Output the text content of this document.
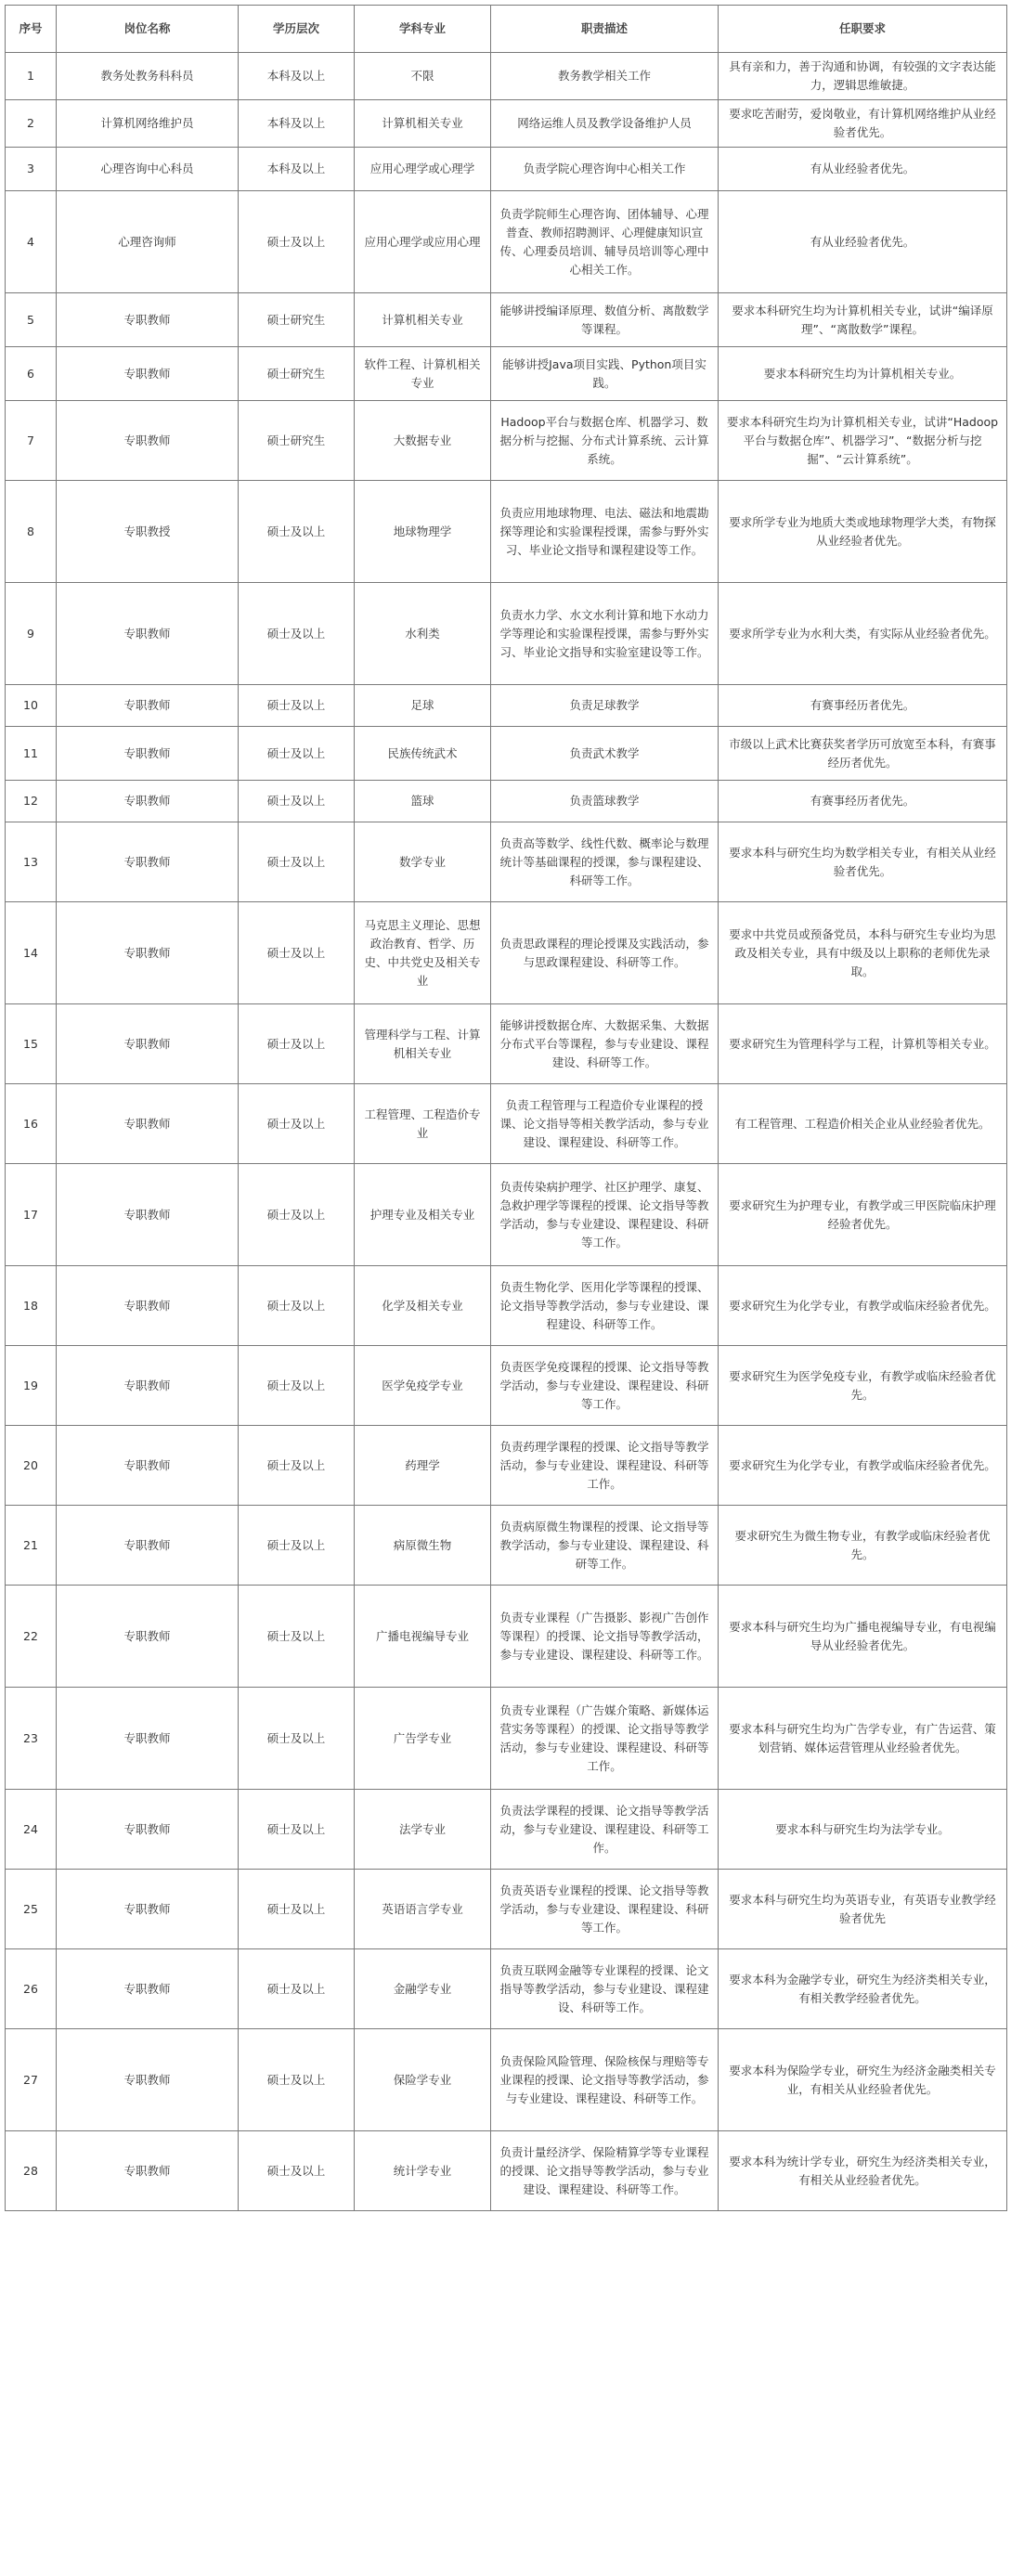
序号	岗位名称	学历层次	学科专业	职责描述	任职要求
1	教务处教务科科员	本科及以上	不限	教务教学相关工作	具有亲和力，善于沟通和协调，有较强的文字表达能力，逻辑思维敏捷。
2	计算机网络维护员	本科及以上	计算机相关专业	网络运维人员及教学设备维护人员	要求吃苦耐劳，爱岗敬业，有计算机网络维护从业经验者优先。
3	心理咨询中心科员	本科及以上	应用心理学或心理学	负责学院心理咨询中心相关工作	有从业经验者优先。
4	心理咨询师	硕士及以上	应用心理学或应用心理	负责学院师生心理咨询、团体辅导、心理普查、教师招聘测评、心理健康知识宣传、心理委员培训、辅导员培训等心理中心相关工作。	有从业经验者优先。
5	专职教师	硕士研究生	计算机相关专业	能够讲授编译原理、数值分析、离散数学等课程。	要求本科研究生均为计算机相关专业，试讲“编译原理”、“离散数学”课程。
6	专职教师	硕士研究生	软件工程、计算机相关专业	能够讲授Java项目实践、Python项目实践。	要求本科研究生均为计算机相关专业。
7	专职教师	硕士研究生	大数据专业	Hadoop平台与数据仓库、机器学习、数据分析与挖掘、分布式计算系统、云计算系统。	要求本科研究生均为计算机相关专业，试讲“Hadoop平台与数据仓库”、机器学习”、“数据分析与挖掘”、“云计算系统”。
8	专职教授	硕士及以上	地球物理学	负责应用地球物理、电法、磁法和地震勘探等理论和实验课程授课，需参与野外实习、毕业论文指导和课程建设等工作。	要求所学专业为地质大类或地球物理学大类，有物探从业经验者优先。
9	专职教师	硕士及以上	水利类	负责水力学、水文水利计算和地下水动力学等理论和实验课程授课，需参与野外实习、毕业论文指导和实验室建设等工作。	要求所学专业为水利大类，有实际从业经验者优先。
10	专职教师	硕士及以上	足球	负责足球教学	有赛事经历者优先。
11	专职教师	硕士及以上	民族传统武术	负责武术教学	市级以上武术比赛获奖者学历可放宽至本科，有赛事经历者优先。
12	专职教师	硕士及以上	篮球	负责篮球教学	有赛事经历者优先。
13	专职教师	硕士及以上	数学专业	负责高等数学、线性代数、概率论与数理统计等基础课程的授课，参与课程建设、科研等工作。	要求本科与研究生均为数学相关专业，有相关从业经验者优先。
14	专职教师	硕士及以上	马克思主义理论、思想政治教育、哲学、历史、中共党史及相关专业	负责思政课程的理论授课及实践活动，参与思政课程建设、科研等工作。	要求中共党员或预备党员，本科与研究生专业均为思政及相关专业，具有中级及以上职称的老师优先录取。
15	专职教师	硕士及以上	管理科学与工程、计算机相关专业	能够讲授数据仓库、大数据采集、大数据分布式平台等课程，参与专业建设、课程建设、科研等工作。	要求研究生为管理科学与工程，计算机等相关专业。
16	专职教师	硕士及以上	工程管理、工程造价专业	负责工程管理与工程造价专业课程的授课、论文指导等相关教学活动，参与专业建设、课程建设、科研等工作。	有工程管理、工程造价相关企业从业经验者优先。
17	专职教师	硕士及以上	护理专业及相关专业	负责传染病护理学、社区护理学、康复、急救护理学等课程的授课、论文指导等教学活动，参与专业建设、课程建设、科研等工作。	要求研究生为护理专业，有教学或三甲医院临床护理经验者优先。
18	专职教师	硕士及以上	化学及相关专业	负责生物化学、医用化学等课程的授课、论文指导等教学活动，参与专业建设、课程建设、科研等工作。	要求研究生为化学专业，有教学或临床经验者优先。
19	专职教师	硕士及以上	医学免疫学专业	负责医学免疫课程的授课、论文指导等教学活动，参与专业建设、课程建设、科研等工作。	要求研究生为医学免疫专业，有教学或临床经验者优先。
20	专职教师	硕士及以上	药理学	负责药理学课程的授课、论文指导等教学活动，参与专业建设、课程建设、科研等工作。	要求研究生为化学专业，有教学或临床经验者优先。
21	专职教师	硕士及以上	病原微生物	负责病原微生物课程的授课、论文指导等教学活动，参与专业建设、课程建设、科研等工作。	要求研究生为微生物专业，有教学或临床经验者优先。
22	专职教师	硕士及以上	广播电视编导专业	负责专业课程（广告摄影、影视广告创作等课程）的授课、论文指导等教学活动，参与专业建设、课程建设、科研等工作。	要求本科与研究生均为广播电视编导专业，有电视编导从业经验者优先。
23	专职教师	硕士及以上	广告学专业	负责专业课程（广告媒介策略、新媒体运营实务等课程）的授课、论文指导等教学活动，参与专业建设、课程建设、科研等工作。	要求本科与研究生均为广告学专业，有广告运营、策划营销、媒体运营管理从业经验者优先。
24	专职教师	硕士及以上	法学专业	负责法学课程的授课、论文指导等教学活动，参与专业建设、课程建设、科研等工作。	要求本科与研究生均为法学专业。
25	专职教师	硕士及以上	英语语言学专业	负责英语专业课程的授课、论文指导等教学活动，参与专业建设、课程建设、科研等工作。	要求本科与研究生均为英语专业，有英语专业教学经验者优先
26	专职教师	硕士及以上	金融学专业	负责互联网金融等专业课程的授课、论文指导等教学活动，参与专业建设、课程建设、科研等工作。	要求本科为金融学专业，研究生为经济类相关专业，有相关教学经验者优先。
27	专职教师	硕士及以上	保险学专业	负责保险风险管理、保险核保与理赔等专业课程的授课、论文指导等教学活动，参与专业建设、课程建设、科研等工作。	要求本科为保险学专业，研究生为经济金融类相关专业，有相关从业经验者优先。
28	专职教师	硕士及以上	统计学专业	负责计量经济学、保险精算学等专业课程的授课、论文指导等教学活动，参与专业建设、课程建设、科研等工作。	要求本科为统计学专业，研究生为经济类相关专业，有相关从业经验者优先。
